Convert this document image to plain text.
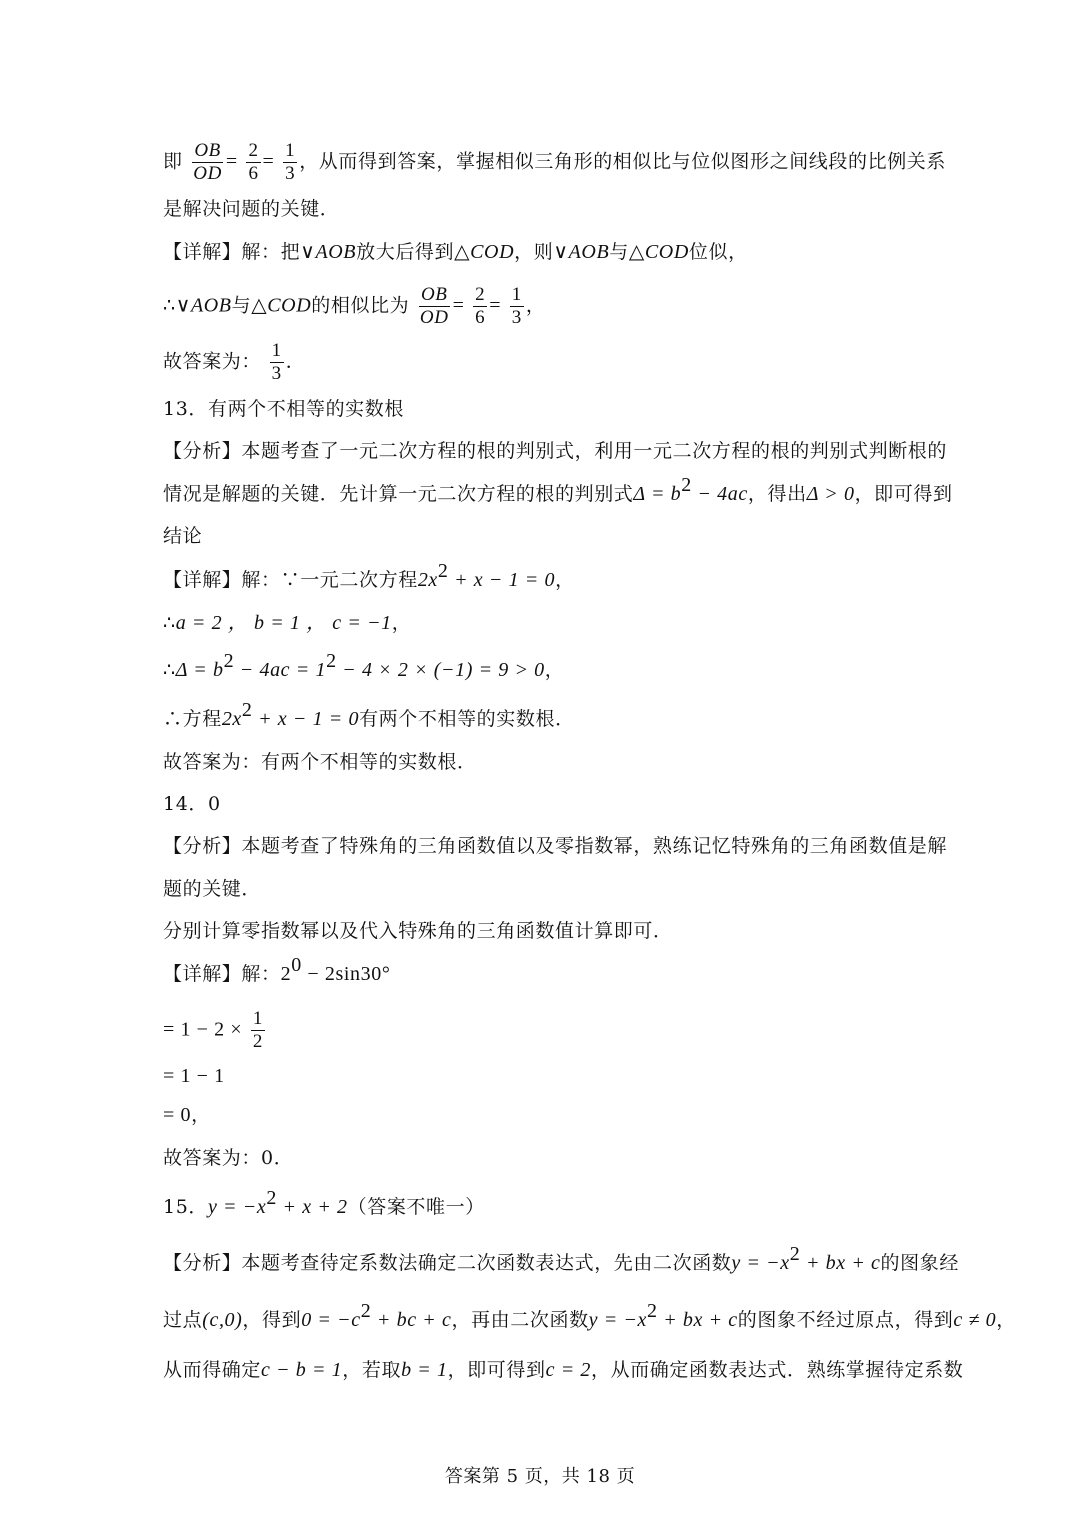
即 $\frac{OB}{OD} = \frac{2}{6} = \frac{1}{3}$ ，从而得到答案，掌握相似三角形的相似比与位似图形之间线段的比例关系
是解决问题的关键．
【详解】解：把∨AOB放大后得到△COD，则∨AOB与△COD位似，
∴∨AOB与△COD的相似比为 $\frac{OB}{OD} = \frac{2}{6} = \frac{1}{3}$ ，
故答案为： $\frac{1}{3}$ ．
13．有两个不相等的实数根
【分析】本题考查了一元二次方程的根的判别式，利用一元二次方程的根的判别式判断根的
情况是解题的关键．先计算一元二次方程的根的判别式$\Delta = b^2 - 4ac$，得出Δ > 0，即可得到
结论
【详解】解：∵一元二次方程$2x^2 + x - 1 = 0$，
∴a = 2 ， b = 1 ， c = −1，
∴Δ = $b^2 - 4ac = 1^2 - 4 \times 2 \times (-1) = 9 > 0$，
∴方程$2x^2 + x - 1 = 0$有两个不相等的实数根．
故答案为：有两个不相等的实数根．
14．0
【分析】本题考查了特殊角的三角函数值以及零指数幂，熟练记忆特殊角的三角函数值是解
题的关键．
分别计算零指数幂以及代入特殊角的三角函数值计算即可．
【详解】解：$2^0 - 2\sin 30^\circ$
= $1 - 2 \times \frac{1}{2}$
= 1 − 1
= 0，
故答案为：0．
15．$y = -x^2 + x + 2$（答案不唯一）
【分析】本题考查待定系数法确定二次函数表达式，先由二次函数$y = -x^2$ + bx + c的图象经
过点(c,0)，得到$0 = -c^2$ + bc + c，再由二次函数$y = -x^2$ + bx + c的图象不经过原点，得到c ≠ 0，
从而得确定c − b = 1，若取b = 1，即可得到c = 2，从而确定函数表达式．熟练掌握待定系数
答案第 5 页，共 18 页
